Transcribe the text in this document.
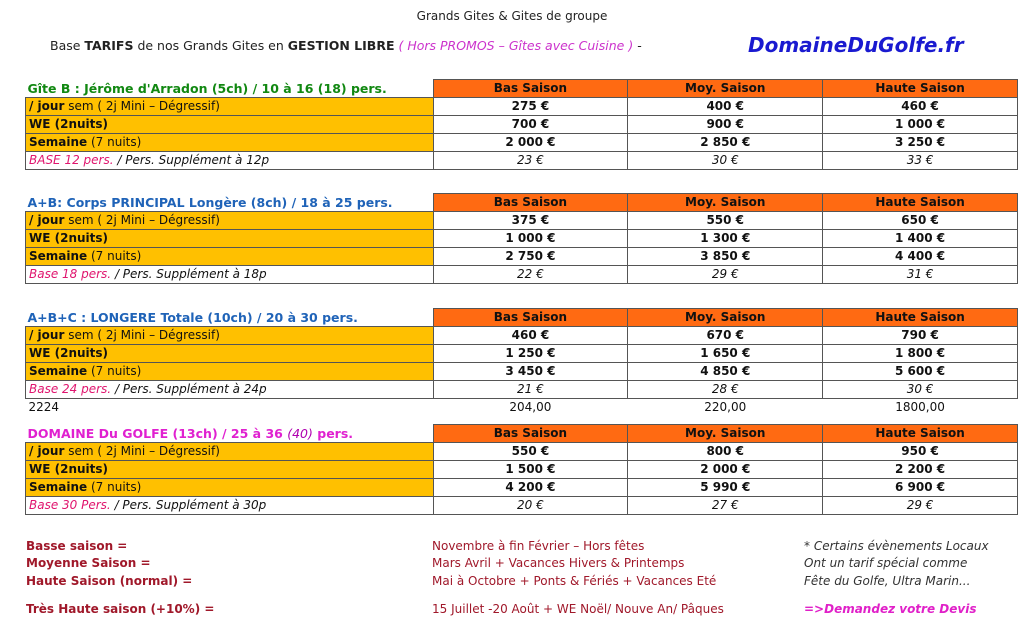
Grands Gites & Gites de groupe
Base TARIFS de nos Grands Gites en GESTION LIBRE ( Hors PROMOS – Gîtes avec Cuisine ) -	DomaineDuGolfe.fr
Gîte B : Jérôme d'Arradon (5ch) / 10 à 16 (18) pers.	Bas Saison	Moy. Saison	Haute Saison
/ jour sem ( 2j Mini – Dégressif)	275 €	400 €	460 €
WE (2nuits)	700 €	900 €	1 000 €
Semaine (7 nuits)	2 000 €	2 850 €	3 250 €
BASE 12 pers. / Pers. Supplément à 12p	23 €	30 €	33 €
A+B: Corps PRINCIPAL Longère (8ch) / 18 à 25 pers.	Bas Saison	Moy. Saison	Haute Saison
/ jour sem ( 2j Mini – Dégressif)	375 €	550 €	650 €
WE (2nuits)	1 000 €	1 300 €	1 400 €
Semaine (7 nuits)	2 750 €	3 850 €	4 400 €
Base 18 pers. / Pers. Supplément à 18p	22 €	29 €	31 €
A+B+C : LONGERE Totale (10ch) / 20 à 30 pers.	Bas Saison	Moy. Saison	Haute Saison
/ jour sem ( 2j Mini – Dégressif)	460 €	670 €	790 €
WE (2nuits)	1 250 €	1 650 €	1 800 €
Semaine (7 nuits)	3 450 €	4 850 €	5 600 €
Base 24 pers. / Pers. Supplément à 24p	21 €	28 €	30 €
2224	204,00	220,00	1800,00
DOMAINE Du GOLFE (13ch) / 25 à 36 (40) pers.	Bas Saison	Moy. Saison	Haute Saison
/ jour sem ( 2j Mini – Dégressif)	550 €	800 €	950 €
WE (2nuits)	1 500 €	2 000 €	2 200 €
Semaine (7 nuits)	4 200 €	5 990 €	6 900 €
Base 30 Pers. / Pers. Supplément à 30p	20 €	27 €	29 €
Basse saison =	Novembre à fin Février – Hors fêtes	* Certains évènements Locaux
Moyenne Saison =	Mars Avril + Vacances Hivers & Printemps	Ont un tarif spécial comme
Haute Saison (normal) =	Mai à Octobre + Ponts & Fériés + Vacances Eté	Fête du Golfe, Ultra Marin...
Très Haute saison (+10%) =	15 Juillet -20 Août + WE Noël/ Nouve An/ Pâques	=>Demandez votre Devis
